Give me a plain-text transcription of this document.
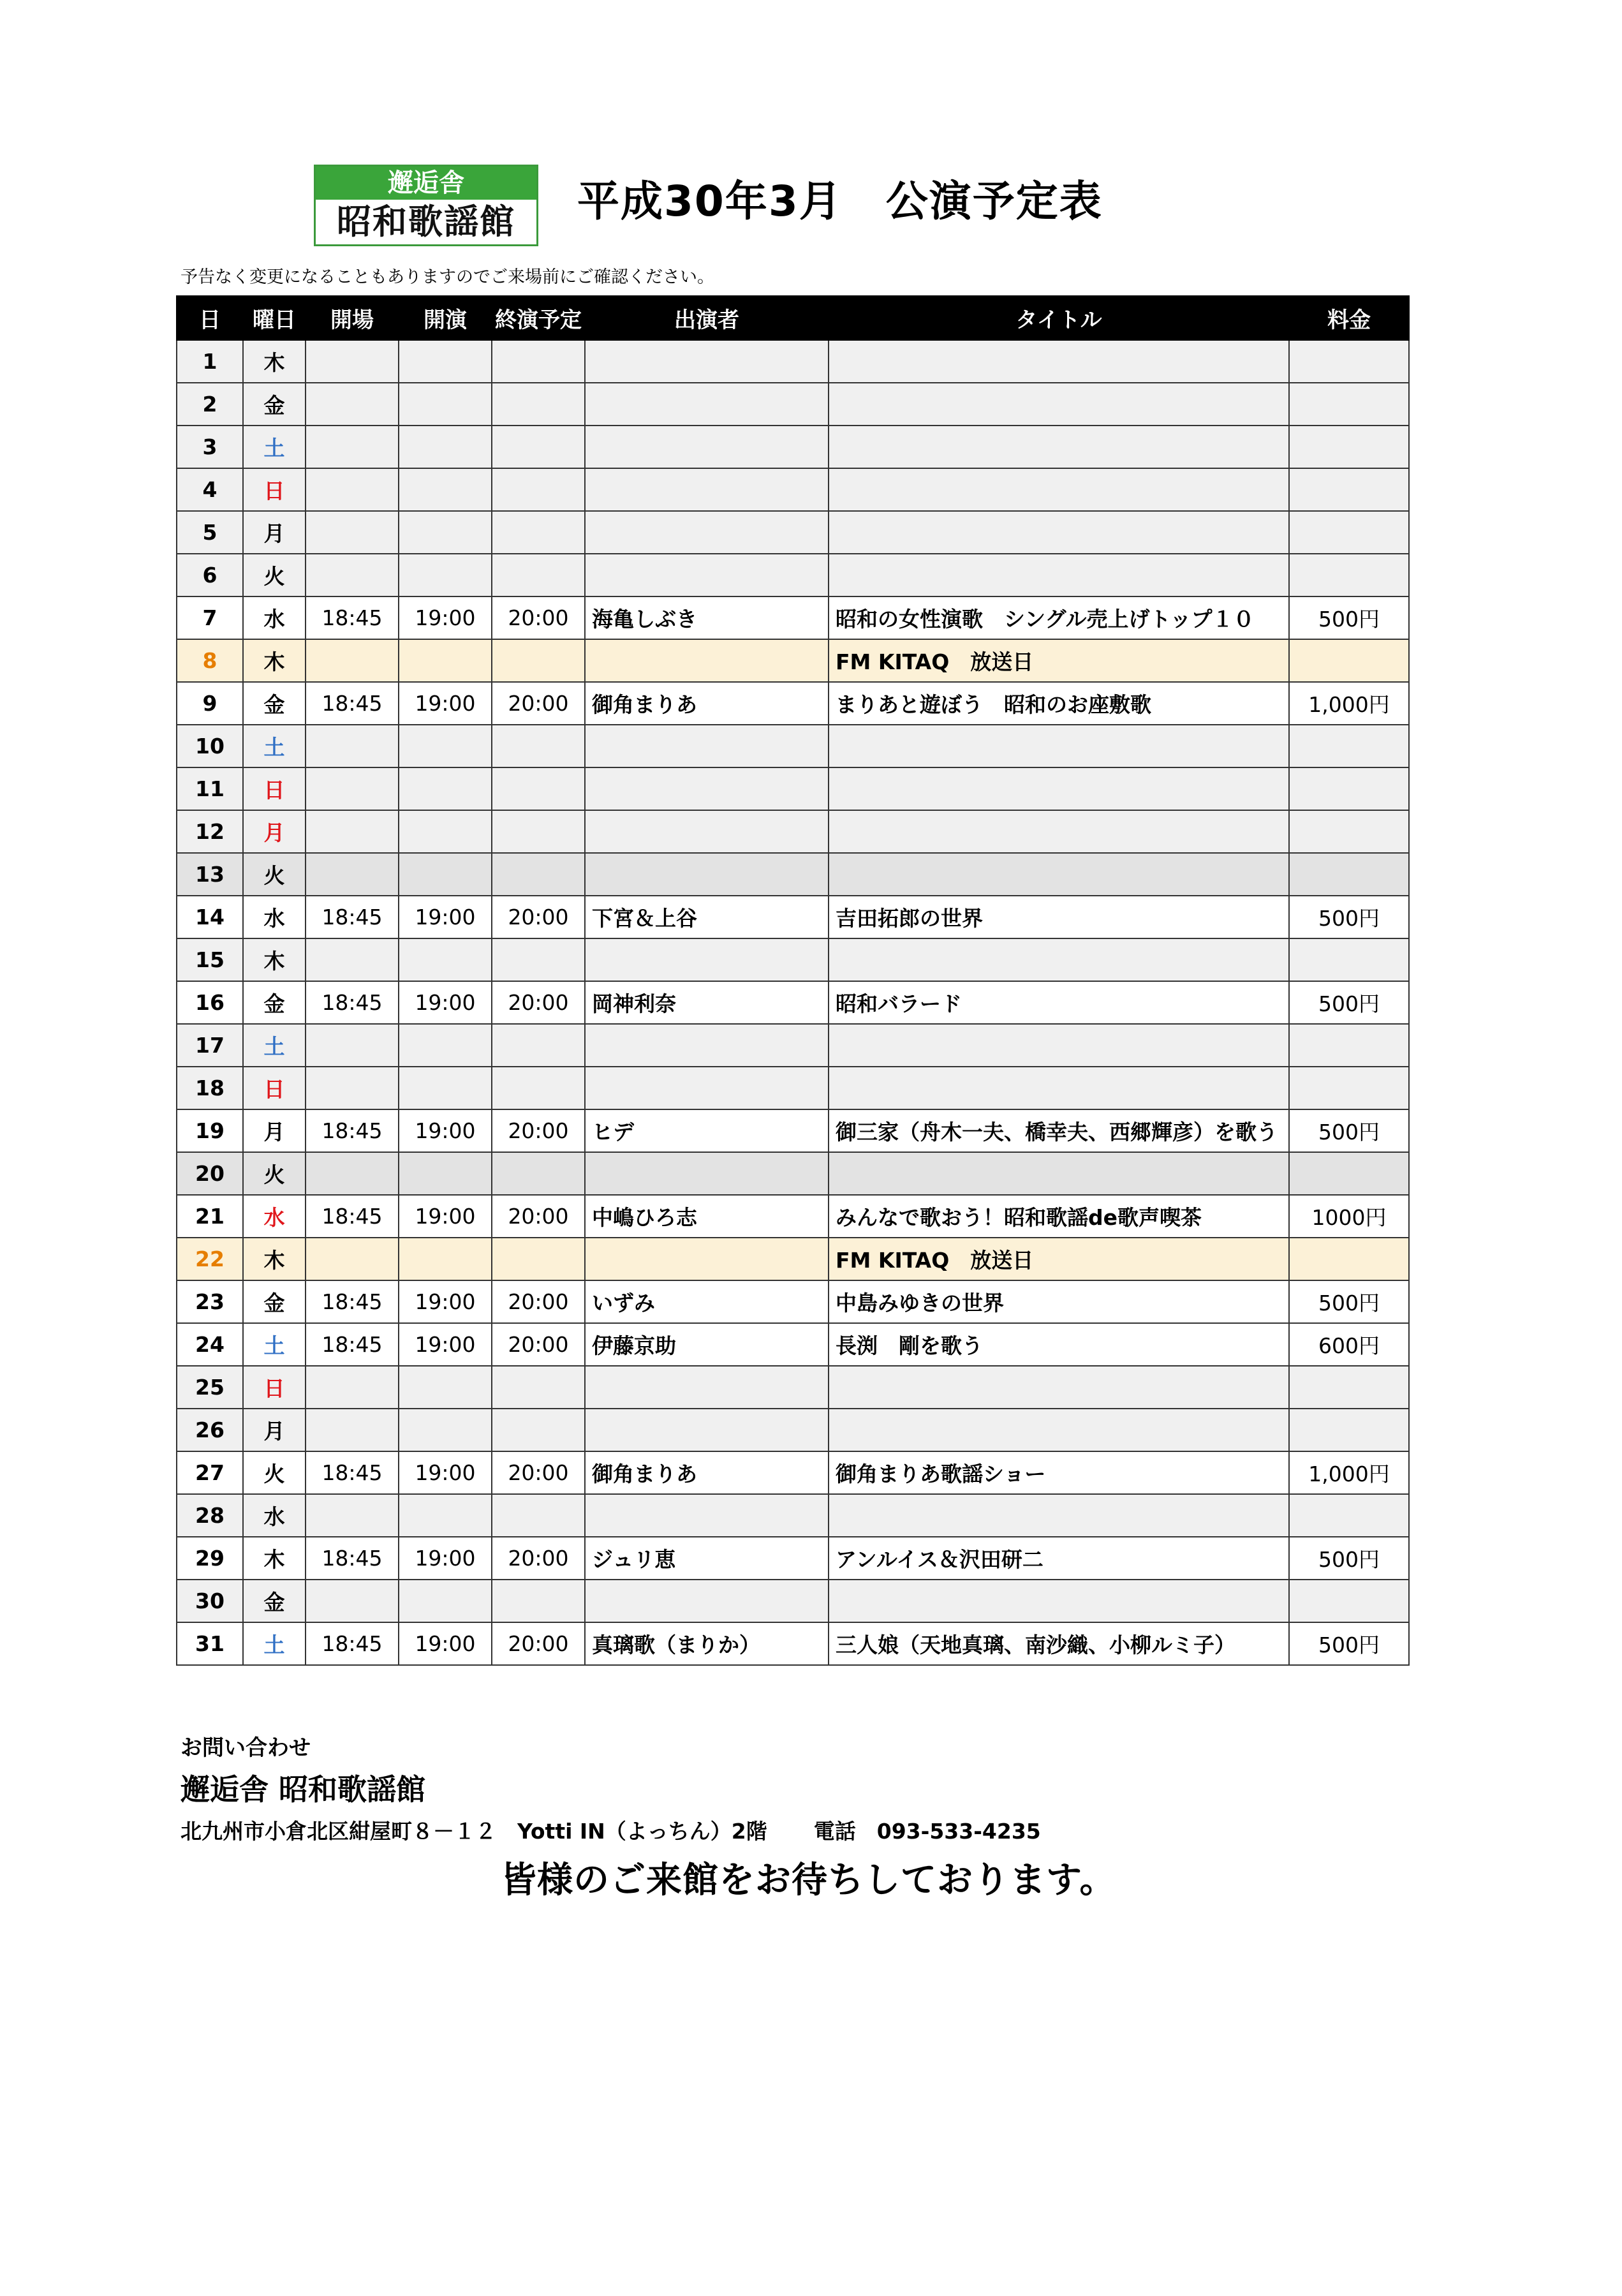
邂逅舎
昭和歌謡館	平成30年3月　公演予定表
予告なく変更になることもありますのでご来場前にご確認ください。
日	曜日	開場	開演	終演予定	出演者	タイトル	料金
1	木						
2	金						
3	土						
4	日						
5	月						
6	火						
7	水	18:45	19:00	20:00	海亀しぶき	昭和の女性演歌　シングル売上げトップ１０	500円
8	木					FM KITAQ　放送日	
9	金	18:45	19:00	20:00	御角まりあ	まりあと遊ぼう　昭和のお座敷歌	1,000円
10	土						
11	日						
12	月						
13	火						
14	水	18:45	19:00	20:00	下宮＆上谷	吉田拓郎の世界	500円
15	木						
16	金	18:45	19:00	20:00	岡神利奈	昭和バラード	500円
17	土						
18	日						
19	月	18:45	19:00	20:00	ヒデ	御三家（舟木一夫、橋幸夫、西郷輝彦）を歌う	500円
20	火						
21	水	18:45	19:00	20:00	中嶋ひろ志	みんなで歌おう！昭和歌謡de歌声喫茶	1000円
22	木					FM KITAQ　放送日	
23	金	18:45	19:00	20:00	いずみ	中島みゆきの世界	500円
24	土	18:45	19:00	20:00	伊藤京助	長渕　剛を歌う	600円
25	日						
26	月						
27	火	18:45	19:00	20:00	御角まりあ	御角まりあ歌謡ショー	1,000円
28	水						
29	木	18:45	19:00	20:00	ジュリ恵	アンルイス＆沢田研二	500円
30	金						
31	土	18:45	19:00	20:00	真璃歌（まりか）	三人娘（天地真璃、南沙織、小柳ルミ子）	500円
お問い合わせ
邂逅舎 昭和歌謡館
北九州市小倉北区紺屋町８－１２　Yotti IN（よっちん）2階 電話　093-533-4235
皆様のご来館をお待ちしております。
